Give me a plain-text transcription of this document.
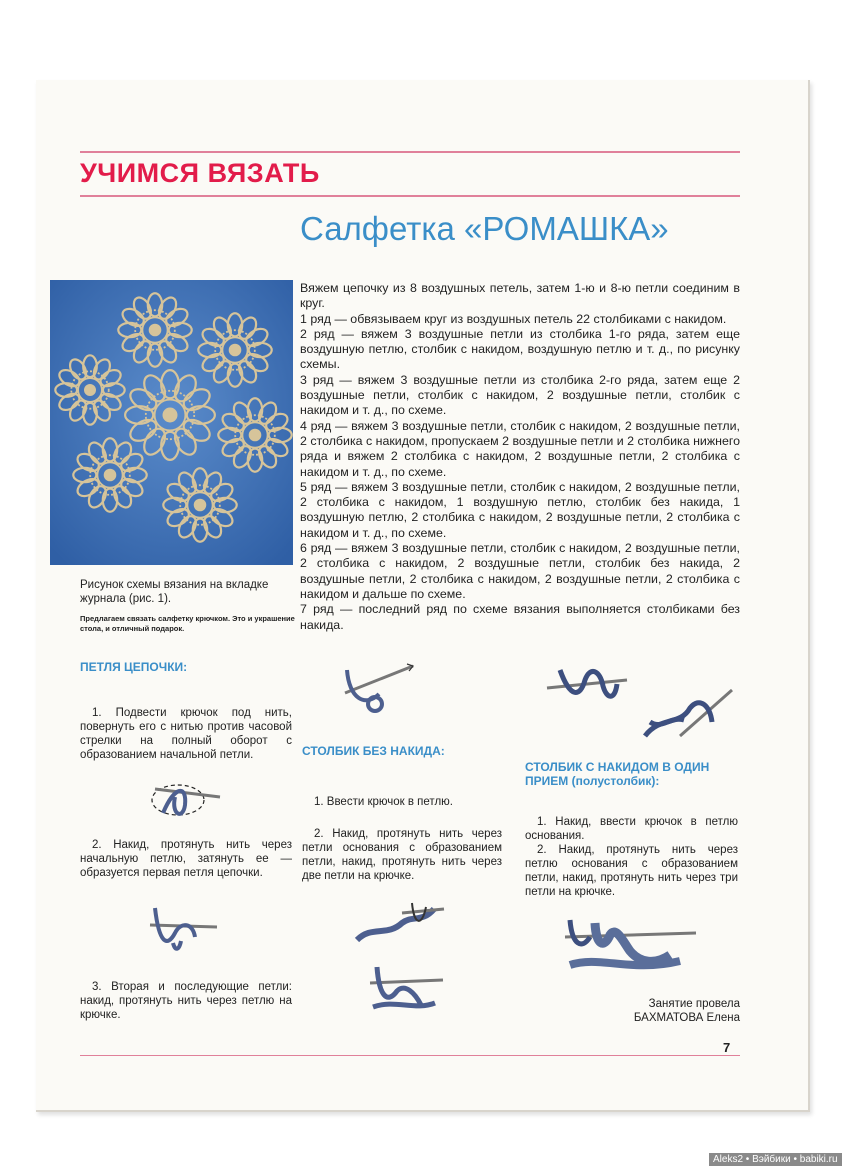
УЧИМСЯ ВЯЗАТЬ
Салфетка «РОМАШКА»
Рисунок схемы вязания на вкладке журнала (рис. 1).
Предлагаем связать салфетку крючком. Это и украшение стола, и отличный подарок.

Вяжем цепочку из 8 воздушных петель, затем 1-ю и 8-ю петли соединим в круг.

1 ряд — обвязываем круг из воздушных петель 22 столбиками с накидом.

2 ряд — вяжем 3 воздушные петли из столбика 1-го ряда, затем еще воздушную петлю, столбик с накидом, воздушную петлю и т. д., по рисунку схемы.

3 ряд — вяжем 3 воздушные петли из столбика 2-го ряда, затем еще 2 воздушные петли, столбик с накидом, 2 воздушные петли, столбик с накидом и т. д., по схеме.

4 ряд — вяжем 3 воздушные петли, столбик с накидом, 2 воздушные петли, 2 столбика с накидом, пропускаем 2 воздушные петли и 2 столбика нижнего ряда и вяжем 2 столбика с накидом, 2 воздушные петли, 2 столбика с накидом и т. д., по схеме.

5 ряд — вяжем 3 воздушные петли, столбик с накидом, 2 воздушные петли, 2 столбика с накидом, 1 воздушную петлю, столбик без накида, 1 воздушную петлю, 2 столбика с накидом, 2 воздушные петли, 2 столбика с накидом и т. д., по схеме.

6 ряд — вяжем 3 воздушные петли, столбик с накидом, 2 воздушные петли, 2 столбика с накидом, 2 воздушные петли, столбик без накида, 2 воздушные петли, 2 столбика с накидом, 2 воздушные петли, 2 столбика с накидом и дальше по схеме.

7 ряд — последний ряд по схеме вязания выполняется столбиками без накида.

ПЕТЛЯ ЦЕПОЧКИ:
1. Подвести крючок под нить, повернуть его с нитью против часовой стрелки на полный оборот с образованием начальной петли.
2. Накид, протянуть нить через начальную петлю, затянуть ее — образуется первая петля цепочки.
3. Вторая и последующие петли: накид, протянуть нить через петлю на крючке.
СТОЛБИК БЕЗ НАКИДА:
1. Ввести крючок в петлю.
2. Накид, протянуть нить через петли основания с образованием петли, накид, протянуть нить через две петли на крючке.
СТОЛБИК С НАКИДОМ В ОДИН ПРИЕМ (полустолбик):
1. Накид, ввести крючок в петлю основания.
2. Накид, протянуть нить через петлю основания с образованием петли, накид, протянуть нить через три петли на крючке.
Занятие провела
БАХМАТОВА Елена
7
Aleks2 • Вэйбики • babiki.ru
